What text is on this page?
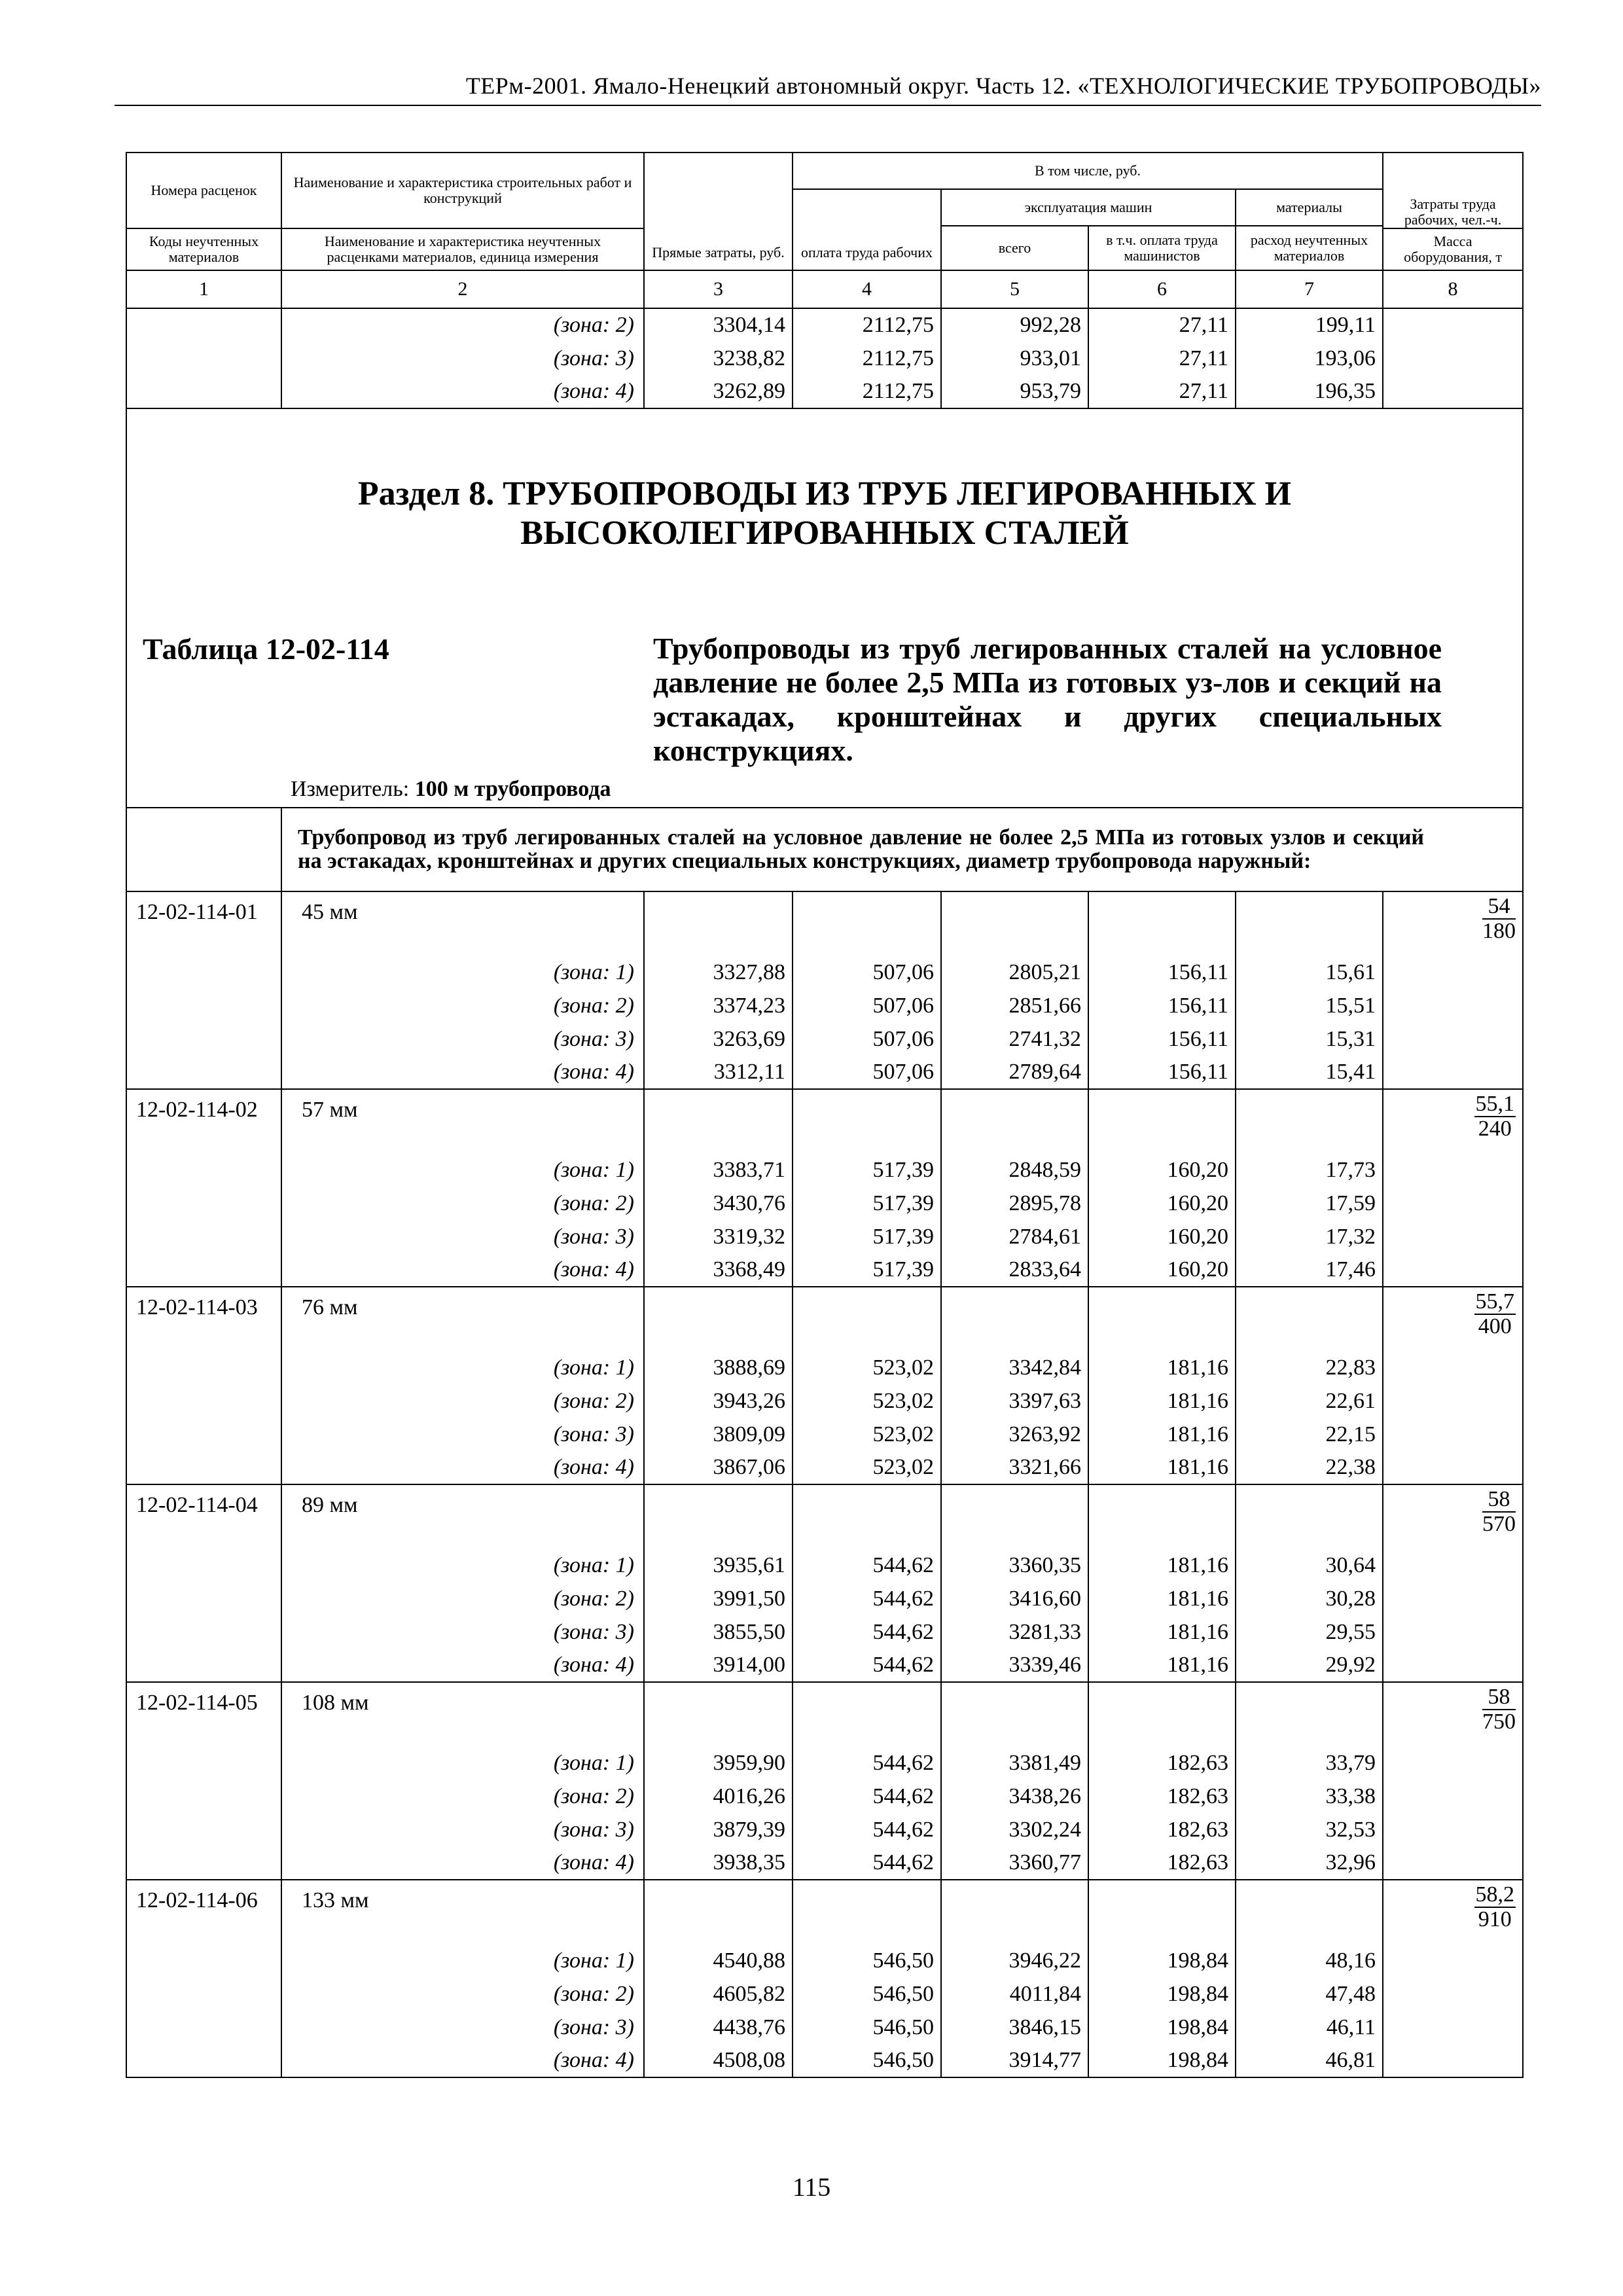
ТЕРм-2001. Ямало-Ненецкий автономный округ. Часть 12. «ТЕХНОЛОГИЧЕСКИЕ ТРУБОПРОВОДЫ»
Номера расценок	Наименование и характеристика строительных работ и конструкций	Прямые затраты, руб.	В том числе, руб.				Затраты труда рабочих, чел.-ч.
			оплата труда рабочих	эксплуатация машин		материалы	
				всего	в т.ч. оплата труда машинистов	расход неучтенных материалов	
Коды неучтенных материалов	Наименование и характеристика неучтенных расценками материалов, единица измерения						Масса оборудования, т

1	2	3	4	5	6	7	8
	(зона: 2)	3304,14	2112,75	992,28	27,11	199,11	
	(зона: 3)	3238,82	2112,75	933,01	27,11	193,06	
	(зона: 4)	3262,89	2112,75	953,79	27,11	196,35	

Раздел 8. ТРУБОПРОВОДЫ ИЗ ТРУБ ЛЕГИРОВАННЫХ И ВЫСОКОЛЕГИРОВАННЫХ СТАЛЕЙ
Таблица 12-02-114 Трубопроводы из труб легированных сталей на условное давление не более 2,5 МПа из готовых уз-лов и секций на эстакадах, кронштейнах и других специальных конструкциях.
Измеритель: 100 м трубопровода							

	Трубопровод из труб легированных сталей на условное давление не более 2,5 МПа из готовых узлов и секций на эстакадах, кронштейнах и других специальных конструкциях, диаметр трубопровода наружный:						
12-02-114-01	45 мм						$\frac{54}{180}$
	(зона: 1)	3327,88	507,06	2805,21	156,11	15,61	
	(зона: 2)	3374,23	507,06	2851,66	156,11	15,51	
	(зона: 3)	3263,69	507,06	2741,32	156,11	15,31	
	(зона: 4)	3312,11	507,06	2789,64	156,11	15,41	
12-02-114-02	57 мм						$\frac{55,1}{240}$
	(зона: 1)	3383,71	517,39	2848,59	160,20	17,73	
	(зона: 2)	3430,76	517,39	2895,78	160,20	17,59	
	(зона: 3)	3319,32	517,39	2784,61	160,20	17,32	
	(зона: 4)	3368,49	517,39	2833,64	160,20	17,46	
12-02-114-03	76 мм						$\frac{55,7}{400}$
	(зона: 1)	3888,69	523,02	3342,84	181,16	22,83	
	(зона: 2)	3943,26	523,02	3397,63	181,16	22,61	
	(зона: 3)	3809,09	523,02	3263,92	181,16	22,15	
	(зона: 4)	3867,06	523,02	3321,66	181,16	22,38	
12-02-114-04	89 мм						$\frac{58}{570}$
	(зона: 1)	3935,61	544,62	3360,35	181,16	30,64	
	(зона: 2)	3991,50	544,62	3416,60	181,16	30,28	
	(зона: 3)	3855,50	544,62	3281,33	181,16	29,55	
	(зона: 4)	3914,00	544,62	3339,46	181,16	29,92	
12-02-114-05	108 мм						$\frac{58}{750}$
	(зона: 1)	3959,90	544,62	3381,49	182,63	33,79	
	(зона: 2)	4016,26	544,62	3438,26	182,63	33,38	
	(зона: 3)	3879,39	544,62	3302,24	182,63	32,53	
	(зона: 4)	3938,35	544,62	3360,77	182,63	32,96	
12-02-114-06	133 мм						$\frac{58,2}{910}$
	(зона: 1)	4540,88	546,50	3946,22	198,84	48,16	
	(зона: 2)	4605,82	546,50	4011,84	198,84	47,48	
	(зона: 3)	4438,76	546,50	3846,15	198,84	46,11	
	(зона: 4)	4508,08	546,50	3914,77	198,84	46,81	
115
